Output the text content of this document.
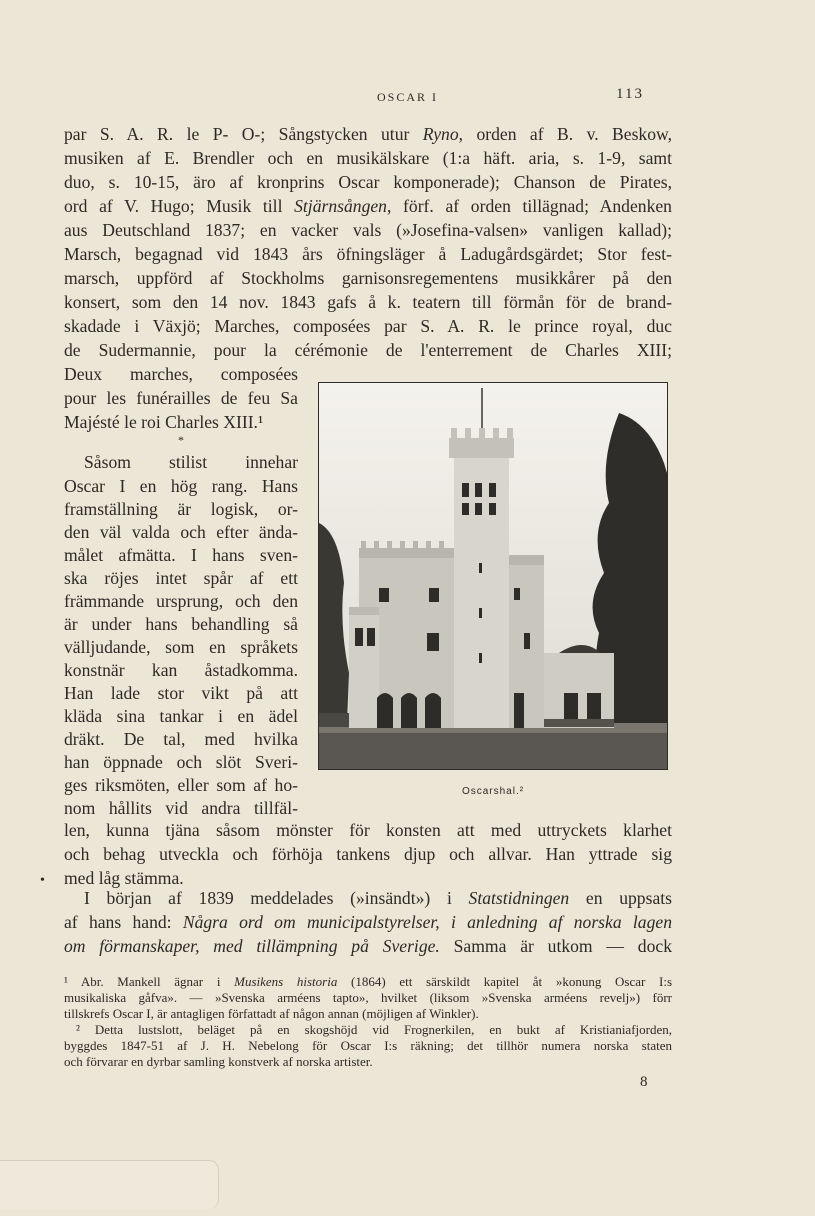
OSCAR I	113
par S. A. R. le P- O-; Sångstycken utur Ryno, orden af B. v. Beskow,
musiken af E. Brendler och en musikälskare (1:a häft. aria, s. 1-9, samt
duo, s. 10-15, äro af kronprins Oscar komponerade); Chanson de Pirates,
ord af V. Hugo; Musik till Stjärnsången, förf. af orden tillägnad; Andenken
aus Deutschland 1837; en vacker vals (»Josefina-valsen» vanligen kallad);
Marsch, begagnad vid 1843 års öfningsläger å Ladugårdsgärdet; Stor fest-
marsch, uppförd af Stockholms garnisonsregementens musikkårer på den
konsert, som den 14 nov. 1843 gafs å k. teatern till förmån för de brand-
skadade i Växjö; Marches, composées par S. A. R. le prince royal, duc
de Sudermannie, pour la cérémonie de l'enterrement de Charles XIII;
Deux marches, composées
pour les funérailles de feu Sa
Majésté le roi Charles XIII.¹
*
Såsom stilist innehar
Oscar I en hög rang. Hans
framställning är logisk, or-
den väl valda och efter ända-
målet afmätta. I hans sven-
ska röjes intet spår af ett
främmande ursprung, och den
är under hans behandling så
välljudande, som en språkets
konstnär kan åstadkomma.
Han lade stor vikt på att
kläda sina tankar i en ädel
dräkt. De tal, med hvilka
han öppnade och slöt Sveri-
ges riksmöten, eller som af ho-
nom hållits vid andra tillfäl-
Oscarshal.²
len, kunna tjäna såsom mönster för konsten att med uttryckets klarhet
och behag utveckla och förhöja tankens djup och allvar. Han yttrade sig
med låg stämma.
I början af 1839 meddelades (»insändt») i Statstidningen en uppsats
af hans hand: Några ord om municipalstyrelser, i anledning af norska lagen
om förmanskaper, med tillämpning på Sverige. Samma är utkom — dock
•
¹ Abr. Mankell ägnar i Musikens historia (1864) ett särskildt kapitel åt »konung Oscar I:s
musikaliska gåfva». — »Svenska arméens tapto», hvilket (liksom »Svenska arméens revelj») förr
tillskrefs Oscar I, är antagligen författadt af någon annan (möjligen af Winkler).
² Detta lustslott, beläget på en skogshöjd vid Frognerkilen, en bukt af Kristianiafjorden,
byggdes 1847-51 af J. H. Nebelong för Oscar I:s räkning; det tillhör numera norska staten
och förvarar en dyrbar samling konstverk af norska artister.
8
